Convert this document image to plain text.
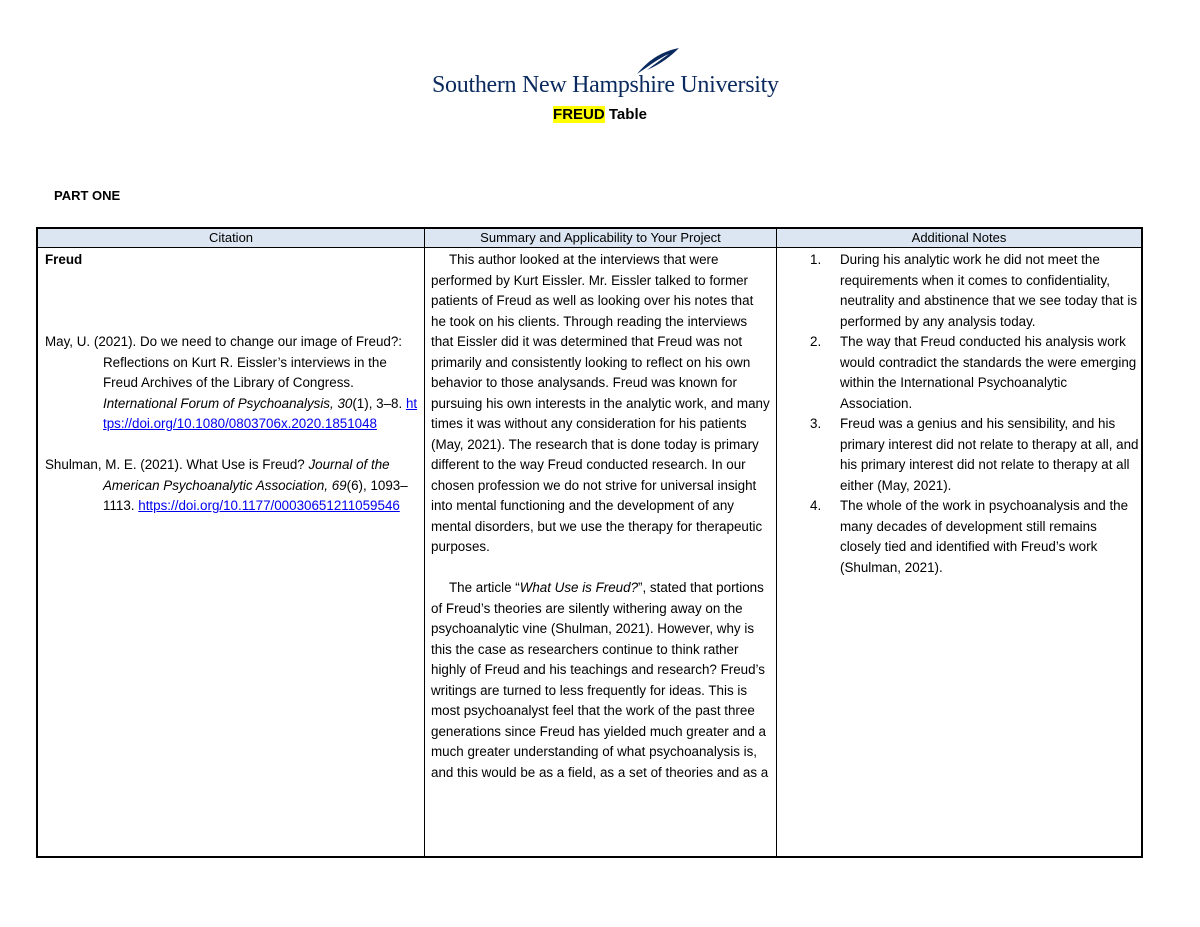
Southern New Hampshire University
FREUD Table
PART ONE
Citation	Summary and Applicability to Your Project	Additional Notes

Freud

May, U. (2021). Do we need to change our image of Freud?: Reflections on Kurt R. Eissler’s interviews in the Freud Archives of the Library of Congress. International Forum of Psychoanalysis, 30(1), 3–8. https://doi.org/10.1080/0803706x.2020.1851048

Shulman, M. E. (2021). What Use is Freud? Journal of the American Psychoanalytic Association, 69(6), 1093–1113. https://doi.org/10.1177/00030651211059546

This author looked at the interviews that were performed by Kurt Eissler. Mr. Eissler talked to former patients of Freud as well as looking over his notes that he took on his clients. Through reading the interviews that Eissler did it was determined that Freud was not primarily and consistently looking to reflect on his own behavior to those analysands. Freud was known for pursuing his own interests in the analytic work, and many times it was without any consideration for his patients (May, 2021). The research that is done today is primary different to the way Freud conducted research. In our chosen profession we do not strive for universal insight into mental functioning and the development of any mental disorders, but we use the therapy for therapeutic purposes.

The article “What Use is Freud?”, stated that portions of Freud’s theories are silently withering away on the psychoanalytic vine (Shulman, 2021). However, why is this the case as researchers continue to think rather highly of Freud and his teachings and research? Freud’s writings are turned to less frequently for ideas. This is most psychoanalyst feel that the work of the past three generations since Freud has yielded much greater and a much greater understanding of what psychoanalysis is, and this would be as a field, as a set of theories and as a

1. During his analytic work he did not meet the requirements when it comes to confidentiality, neutrality and abstinence that we see today that is performed by any analysis today.
2. The way that Freud conducted his analysis work would contradict the standards the were emerging within the International Psychoanalytic Association.
3. Freud was a genius and his sensibility, and his primary interest did not relate to therapy at all, and his primary interest did not relate to therapy at all either (May, 2021).
4. The whole of the work in psychoanalysis and the many decades of development still remains closely tied and identified with Freud’s work (Shulman, 2021).
